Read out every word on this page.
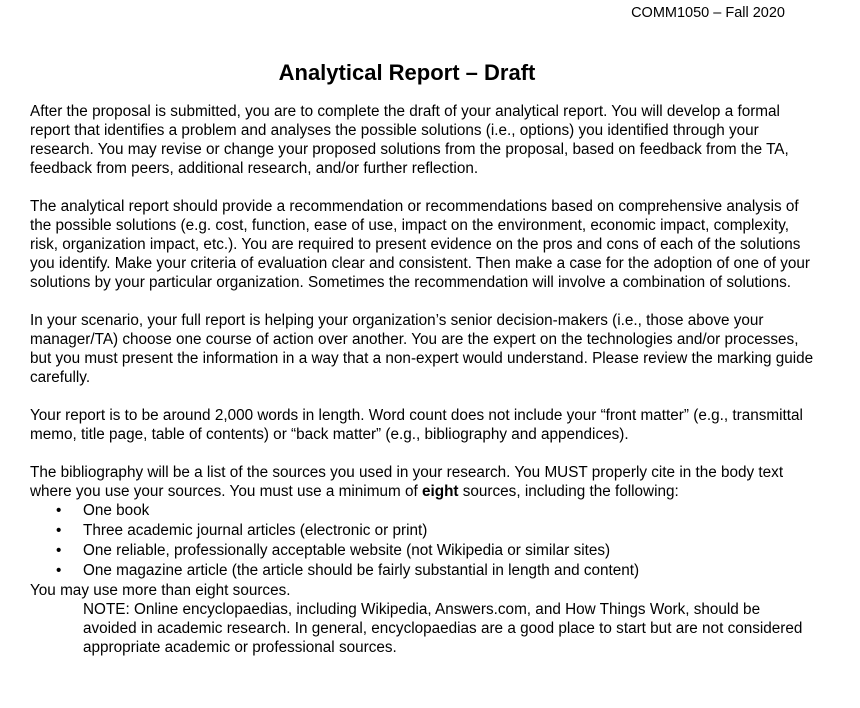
COMM1050 – Fall 2020
Analytical Report – Draft

After the proposal is submitted, you are to complete the draft of your analytical report. You will develop a formal report that identifies a problem and analyses the possible solutions (i.e., options) you identified through your research. You may revise or change your proposed solutions from the proposal, based on feedback from the TA, feedback from peers, additional research, and/or further reflection.

The analytical report should provide a recommendation or recommendations based on comprehensive analysis of the possible solutions (e.g. cost, function, ease of use, impact on the environment, economic impact, complexity, risk, organization impact, etc.). You are required to present evidence on the pros and cons of each of the solutions you identify. Make your criteria of evaluation clear and consistent. Then make a case for the adoption of one of your solutions by your particular organization. Sometimes the recommendation will involve a combination of solutions.

In your scenario, your full report is helping your organization’s senior decision-makers (i.e., those above your manager/TA) choose one course of action over another. You are the expert on the technologies and/or processes, but you must present the information in a way that a non-expert would understand. Please review the marking guide carefully.

Your report is to be around 2,000 words in length. Word count does not include your “front matter” (e.g., transmittal memo, title page, table of contents) or “back matter” (e.g., bibliography and appendices).

The bibliography will be a list of the sources you used in your research. You MUST properly cite in the body text where you use your sources. You must use a minimum of eight sources, including the following:

• One book
• Three academic journal articles (electronic or print)
• One reliable, professionally acceptable website (not Wikipedia or similar sites)
• One magazine article (the article should be fairly substantial in length and content)

You may use more than eight sources.

NOTE: Online encyclopaedias, including Wikipedia, Answers.com, and How Things Work, should be avoided in academic research. In general, encyclopaedias are a good place to start but are not considered appropriate academic or professional sources.
